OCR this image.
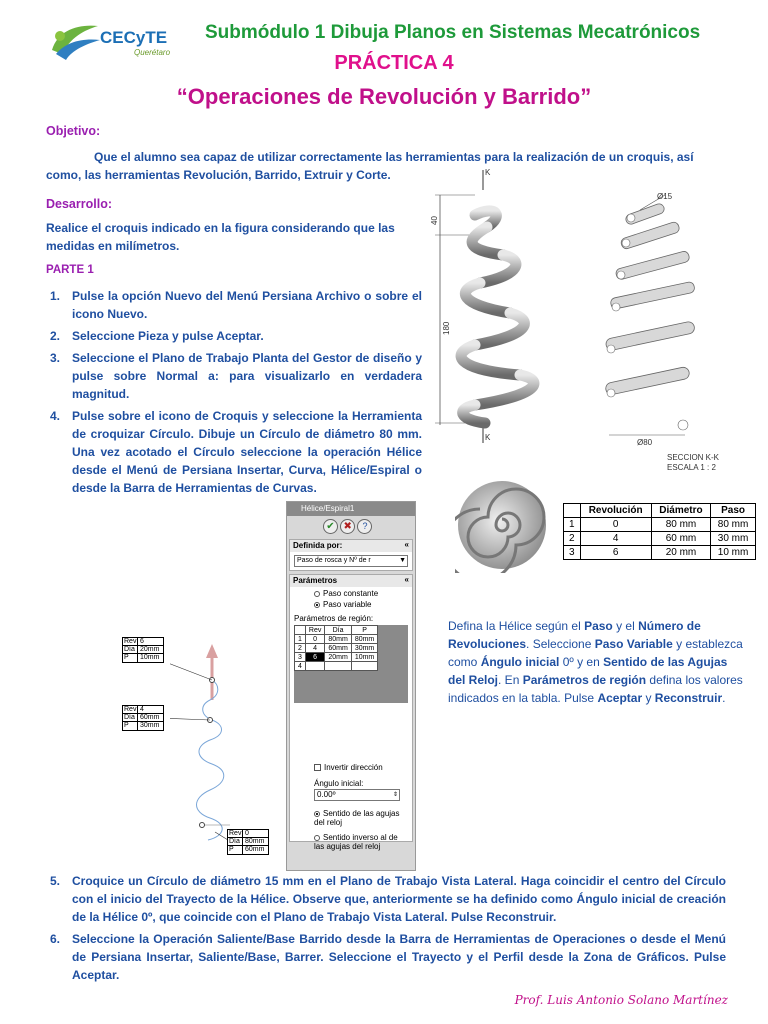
CECyTE
Querétaro
Submódulo 1 Dibuja Planos en Sistemas Mecatrónicos
PRÁCTICA 4
“Operaciones de Revolución y Barrido”
Objetivo:
Que el alumno sea capaz de utilizar correctamente las herramientas para la realización de un croquis, así como, las herramientas Revolución, Barrido, Extruir y Corte.
Desarrollo:
Realice el croquis indicado en la figura considerando que las medidas en milímetros.
PARTE 1
1. Pulse la opción Nuevo del Menú Persiana Archivo o sobre el icono Nuevo.
2. Seleccione Pieza y pulse Aceptar.
3. Seleccione el Plano de Trabajo Planta del Gestor de diseño y pulse sobre Normal a: para visualizarlo en verdadera magnitud.
4. Pulse sobre el icono de Croquis y seleccione la Herramienta de croquizar Círculo. Dibuje un Círculo de diámetro 80 mm. Una vez acotado el Círculo seleccione la operación Hélice desde el Menú de Persiana Insertar, Curva, Hélice/Espiral o desde la Barra de Herramientas de Curvas.
40
180
K
K
Ø15
Ø80
SECCION K-K
ESCALA 1 : 2
	Revolución	Diámetro	Paso
1	0	80 mm	80 mm
2	4	60 mm	30 mm
3	6	20 mm	10 mm
Rev 6
Día 20mm
P	10mm
Rev 4
Día 60mm
P	30mm
Rev 0
Día 80mm
P	60mm
Hélice/Espiral1
✔ ✖ ?
Definida por:	«
Paso de rosca y Nº de r	▼
Parámetros	«
Paso constante
Paso variable
Parámetros de región:
	Rev	Día	P
1	0	80mm	80mm
2	4	60mm	30mm
3	6	20mm	10mm
4			
Invertir dirección
Ángulo inicial:
0.00º	⇕
Sentido de las agujas del reloj
Sentido inverso al de las agujas del reloj
Defina la Hélice según el Paso y el Número de Revoluciones. Seleccione Paso Variable y establezca como Ángulo inicial 0º y en Sentido de las Agujas del Reloj. En Parámetros de región defina los valores indicados en la tabla. Pulse Aceptar y Reconstruir.
5. Croquice un Círculo de diámetro 15 mm en el Plano de Trabajo Vista Lateral. Haga coincidir el centro del Círculo con el inicio del Trayecto de la Hélice. Observe que, anteriormente se ha definido como Ángulo inicial de creación de la Hélice 0º, que coincide con el Plano de Trabajo Vista Lateral. Pulse Reconstruir.
6. Seleccione la Operación Saliente/Base Barrido desde la Barra de Herramientas de Operaciones o desde el Menú de Persiana Insertar, Saliente/Base, Barrer. Seleccione el Trayecto y el Perfil desde la Zona de Gráficos. Pulse Aceptar.
Prof. Luis Antonio Solano Martínez
